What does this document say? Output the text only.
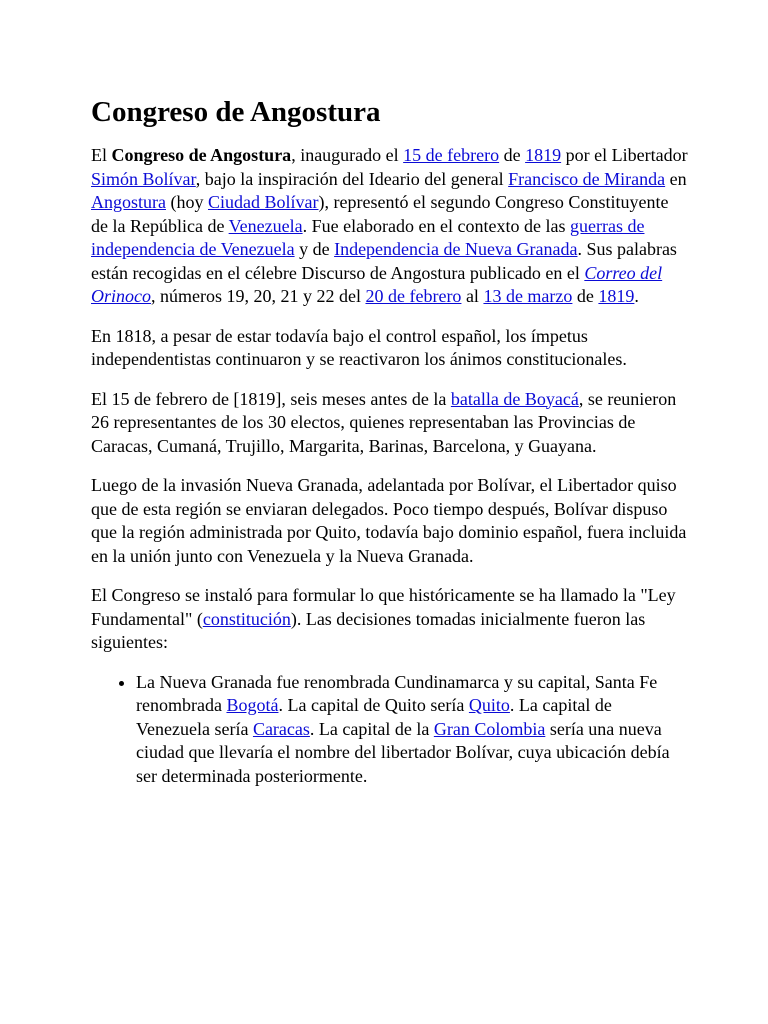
Congreso de Angostura

El Congreso de Angostura, inaugurado el 15 de febrero de 1819 por el Libertador Simón Bolívar, bajo la inspiración del Ideario del general Francisco de Miranda en Angostura (hoy Ciudad Bolívar), representó el segundo Congreso Constituyente de la República de Venezuela. Fue elaborado en el contexto de las guerras de independencia de Venezuela y de Independencia de Nueva Granada. Sus palabras están recogidas en el célebre Discurso de Angostura publicado en el Correo del Orinoco, números 19, 20, 21 y 22 del 20 de febrero al 13 de marzo de 1819.

En 1818, a pesar de estar todavía bajo el control español, los ímpetus independentistas continuaron y se reactivaron los ánimos constitucionales.

El 15 de febrero de [1819], seis meses antes de la batalla de Boyacá, se reunieron 26 representantes de los 30 electos, quienes representaban las Provincias de Caracas, Cumaná, Trujillo, Margarita, Barinas, Barcelona, y Guayana.

Luego de la invasión Nueva Granada, adelantada por Bolívar, el Libertador quiso que de esta región se enviaran delegados. Poco tiempo después, Bolívar dispuso que la región administrada por Quito, todavía bajo dominio español, fuera incluida en la unión junto con Venezuela y la Nueva Granada.

El Congreso se instaló para formular lo que históricamente se ha llamado la "Ley Fundamental" (constitución). Las decisiones tomadas inicialmente fueron las siguientes:

• La Nueva Granada fue renombrada Cundinamarca y su capital, Santa Fe renombrada Bogotá. La capital de Quito sería Quito. La capital de Venezuela sería Caracas. La capital de la Gran Colombia sería una nueva ciudad que llevaría el nombre del libertador Bolívar, cuya ubicación debía ser determinada posteriormente.
